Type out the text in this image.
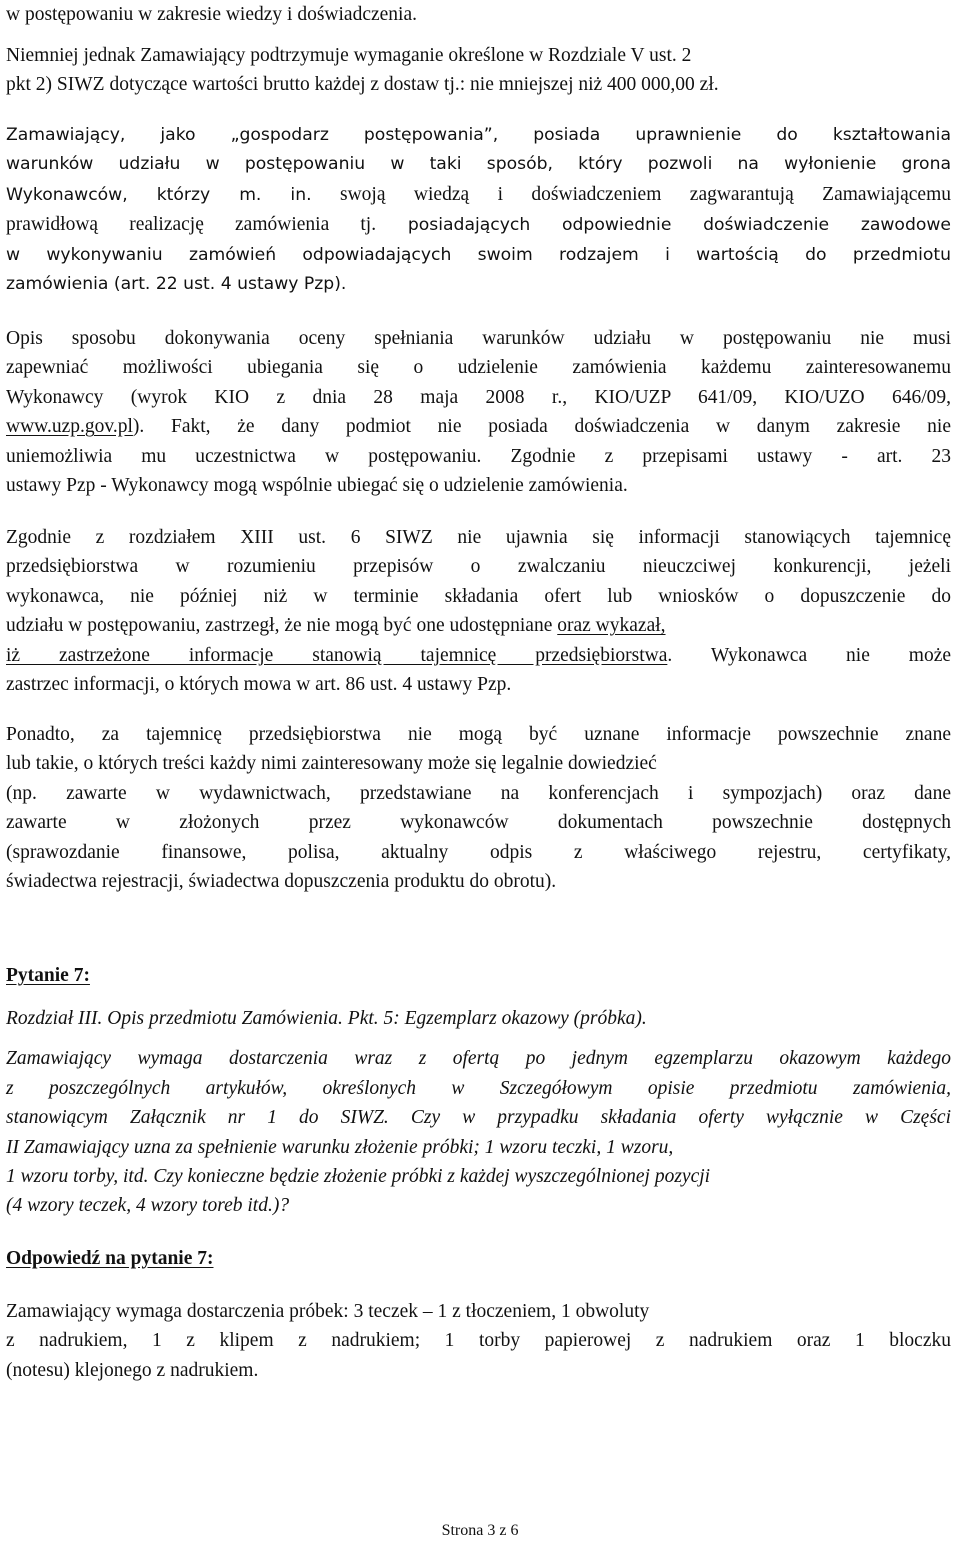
w postępowaniu w zakresie wiedzy i doświadczenia.

Niemniej jednak Zamawiający podtrzymuje wymaganie określone w Rozdziale V ust. 2
pkt 2) SIWZ dotyczące wartości brutto każdej z dostaw tj.: nie mniejszej niż 400 000,00 zł.

Zamawiający, jako „gospodarz postępowania”, posiada uprawnienie do kształtowania
warunków udziału w postępowaniu w taki sposób, który pozwoli na wyłonienie grona
Wykonawców, którzy m. in. swoją wiedzą i doświadczeniem zagwarantują Zamawiającemu
prawidłową realizację zamówienia tj. posiadających odpowiednie doświadczenie zawodowe
w wykonywaniu zamówień odpowiadających swoim rodzajem i wartością do przedmiotu
zamówienia (art. 22 ust. 4 ustawy Pzp).
Opis sposobu dokonywania oceny spełniania warunków udziału w postępowaniu nie musi
zapewniać możliwości ubiegania się o udzielenie zamówienia każdemu zainteresowanemu
Wykonawcy (wyrok KIO z dnia 28 maja 2008 r., KIO/UZP 641/09, KIO/UZO 646/09,
www.uzp.gov.pl). Fakt, że dany podmiot nie posiada doświadczenia w danym zakresie nie
uniemożliwia mu uczestnictwa w postępowaniu. Zgodnie z przepisami ustawy - art. 23
ustawy Pzp - Wykonawcy mogą wspólnie ubiegać się o udzielenie zamówienia.
Zgodnie z rozdziałem XIII ust. 6 SIWZ nie ujawnia się informacji stanowiących tajemnicę
przedsiębiorstwa w rozumieniu przepisów o zwalczaniu nieuczciwej konkurencji, jeżeli
wykonawca, nie później niż w terminie składania ofert lub wniosków o dopuszczenie do
udziału w postępowaniu, zastrzegł, że nie mogą być one udostępniane oraz wykazał,
iż zastrzeżone informacje stanowią tajemnicę przedsiębiorstwa. Wykonawca nie może
zastrzec informacji, o których mowa w art. 86 ust. 4 ustawy Pzp.
Ponadto, za tajemnicę przedsiębiorstwa nie mogą być uznane informacje powszechnie znane
lub takie, o których treści każdy nimi zainteresowany może się legalnie dowiedzieć
(np. zawarte w wydawnictwach, przedstawiane na konferencjach i sympozjach) oraz dane
zawarte w złożonych przez wykonawców dokumentach powszechnie dostępnych
(sprawozdanie finansowe, polisa, aktualny odpis z właściwego rejestru, certyfikaty,
świadectwa rejestracji, świadectwa dopuszczenia produktu do obrotu).
Pytanie 7:
Rozdział III. Opis przedmiotu Zamówienia. Pkt. 5: Egzemplarz okazowy (próbka).
Zamawiający wymaga dostarczenia wraz z ofertą po jednym egzemplarzu okazowym każdego
z poszczególnych artykułów, określonych w Szczegółowym opisie przedmiotu zamówienia,
stanowiącym Załącznik nr 1 do SIWZ. Czy w przypadku składania oferty wyłącznie w Części
II Zamawiający uzna za spełnienie warunku złożenie próbki; 1 wzoru teczki, 1 wzoru,
1 wzoru torby, itd. Czy konieczne będzie złożenie próbki z każdej wyszczególnionej pozycji
(4 wzory teczek, 4 wzory toreb itd.)?
Odpowiedź na pytanie 7:
Zamawiający wymaga dostarczenia próbek: 3 teczek – 1 z tłoczeniem, 1 obwoluty
z nadrukiem, 1 z klipem z nadrukiem; 1 torby papierowej z nadrukiem oraz 1 bloczku
(notesu) klejonego z nadrukiem.
Strona 3 z 6
